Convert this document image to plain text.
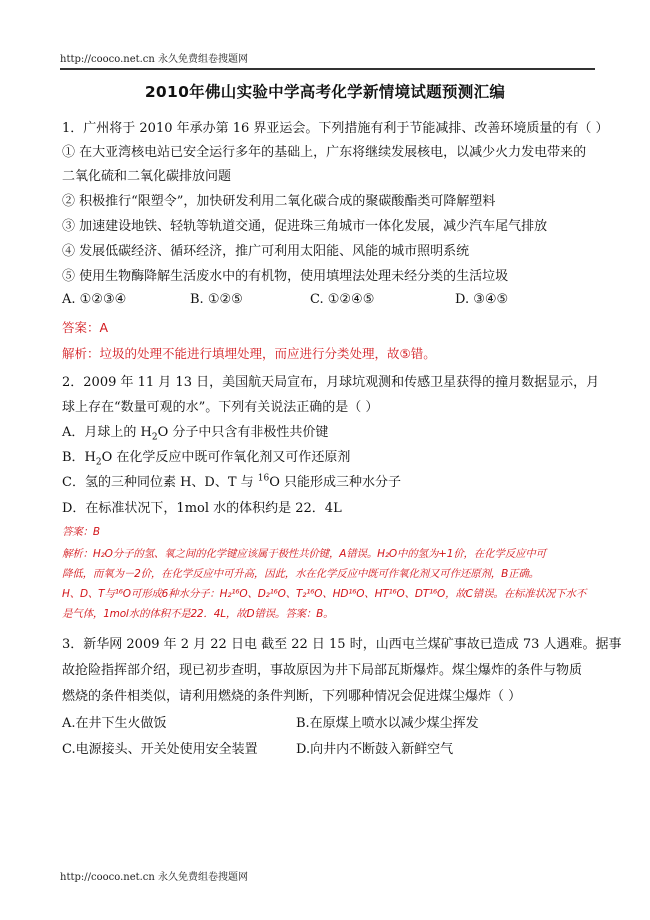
http://cooco.net.cn 永久免费组卷搜题网
2010年佛山实验中学高考化学新情境试题预测汇编
1．广州将于 2010 年承办第 16 界亚运会。下列措施有利于节能减排、改善环境质量的有（ ）
① 在大亚湾核电站已安全运行多年的基础上，广东将继续发展核电，以减少火力发电带来的
二氧化硫和二氧化碳排放问题
② 积极推行“限塑令”，加快研发利用二氧化碳合成的聚碳酸酯类可降解塑料
③ 加速建设地铁、轻轨等轨道交通，促进珠三角城市一体化发展，减少汽车尾气排放
④ 发展低碳经济、循环经济，推广可利用太阳能、风能的城市照明系统
⑤ 使用生物酶降解生活废水中的有机物，使用填埋法处理未经分类的生活垃圾
A. ①②③④	B. ①②⑤	C. ①②④⑤	D. ③④⑤
答案：A
解析：垃圾的处理不能进行填埋处理，而应进行分类处理，故⑤错。
2．2009 年 11 月 13 日，美国航天局宣布，月球坑观测和传感卫星获得的撞月数据显示，月
球上存在“数量可观的水”。下列有关说法正确的是（ ）
A．月球上的 $H_2O$ 分子中只含有非极性共价键
B．$H_2O$ 在化学反应中既可作氧化剂又可作还原剂
C．氢的三种同位素 H、D、T 与 $^{16}$O 只能形成三种水分子
D．在标准状况下，1mol 水的体积约是 22．4L
答案：B
解析：H₂O分子的氢、氧之间的化学键应该属于极性共价键，A错误。H₂O中的氢为+1价，在化学反应中可
降低，而氧为－2价，在化学反应中可升高，因此，水在化学反应中既可作氧化剂又可作还原剂，B正确。
H、D、T与¹⁶O可形成6种水分子：H₂¹⁶O、D₂¹⁶O、T₂¹⁶O、HD¹⁶O、HT¹⁶O、DT¹⁶O，故C错误。在标准状况下水不
是气体，1mol水的体积不是22．4L，故D错误。答案：B。
3．新华网 2009 年 2 月 22 日电 截至 22 日 15 时，山西屯兰煤矿事故已造成 73 人遇难。据事
故抢险指挥部介绍，现已初步查明，事故原因为井下局部瓦斯爆炸。煤尘爆炸的条件与物质
燃烧的条件相类似，请利用燃烧的条件判断，下列哪种情况会促进煤尘爆炸（ ）
A.在井下生火做饭	B.在原煤上喷水以减少煤尘挥发
C.电源接头、开关处使用安全装置	D.向井内不断鼓入新鲜空气
http://cooco.net.cn 永久免费组卷搜题网
